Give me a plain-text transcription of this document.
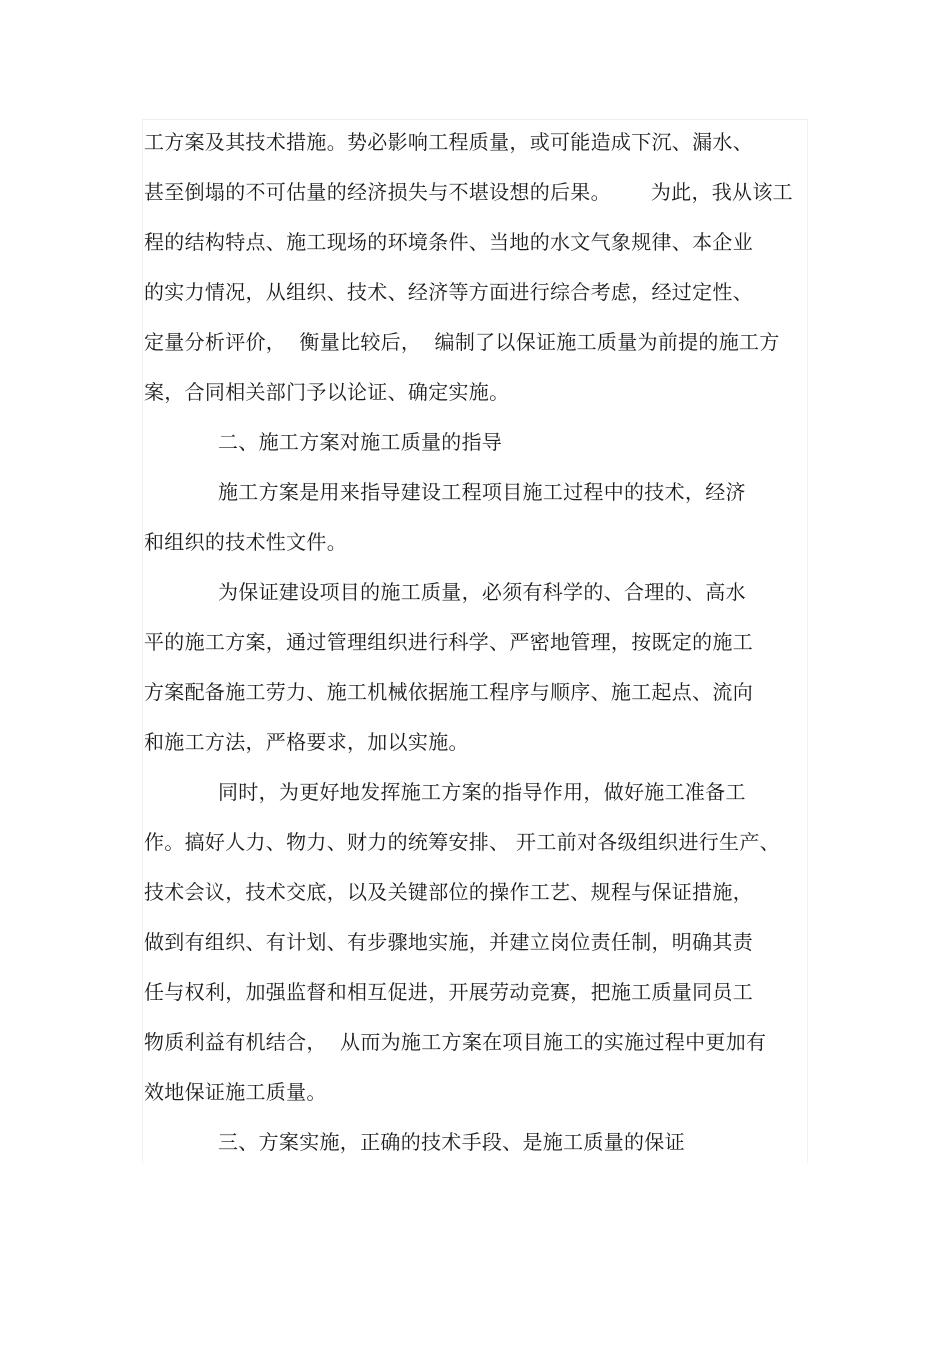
工方案及其技术措施。势必影响工程质量，或可能造成下沉、漏水、
甚至倒塌的不可估量的经济损失与不堪设想的后果。      为此，我从该工
程的结构特点、施工现场的环境条件、当地的水文气象规律、本企业
的实力情况，从组织、技术、经济等方面进行综合考虑，经过定性、
定量分析评价，  衡量比较后，  编制了以保证施工质量为前提的施工方
案，合同相关部门予以论证、确定实施。
二、施工方案对施工质量的指导
施工方案是用来指导建设工程项目施工过程中的技术，经济
和组织的技术性文件。
为保证建设项目的施工质量，必须有科学的、合理的、高水
平的施工方案，通过管理组织进行科学、严密地管理，按既定的施工
方案配备施工劳力、施工机械依据施工程序与顺序、施工起点、流向
和施工方法，严格要求，加以实施。
同时，为更好地发挥施工方案的指导作用，做好施工准备工
作。搞好人力、物力、财力的统筹安排、 开工前对各级组织进行生产、
技术会议，技术交底，以及关键部位的操作工艺、规程与保证措施，
做到有组织、有计划、有步骤地实施，并建立岗位责任制，明确其责
任与权利，加强监督和相互促进，开展劳动竞赛，把施工质量同员工
物质利益有机结合，  从而为施工方案在项目施工的实施过程中更加有
效地保证施工质量。
三、方案实施，正确的技术手段、是施工质量的保证
